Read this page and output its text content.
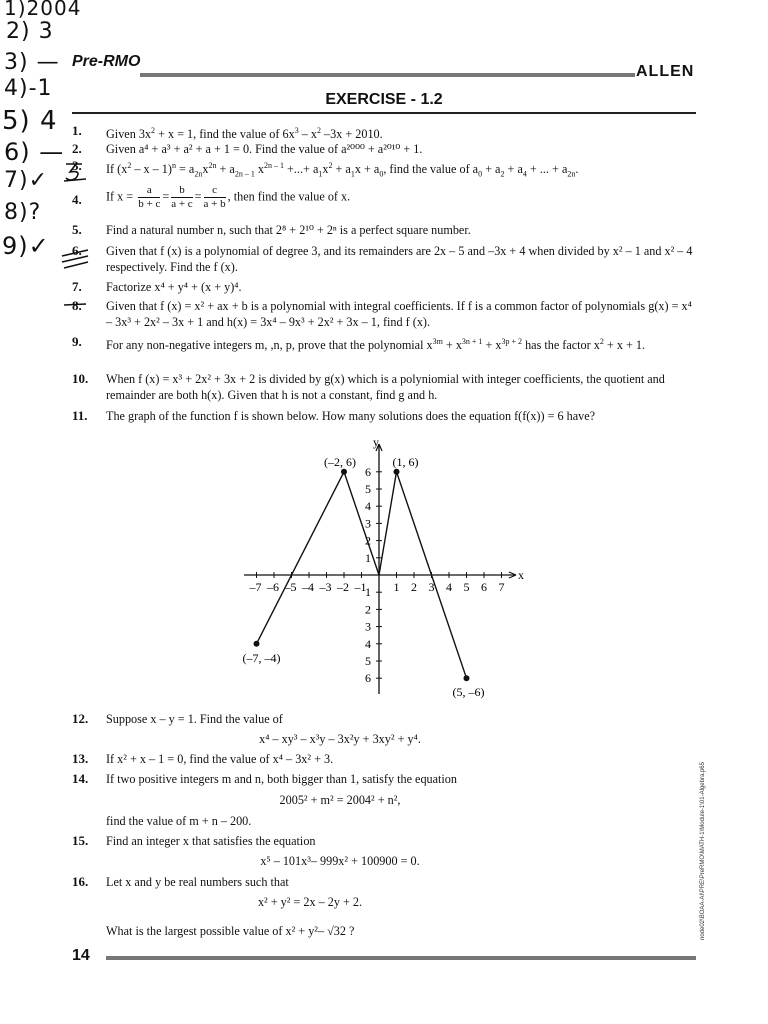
1)2004
2) 3
3) —
4)-1
5) 4
6) —
7)✓
8)?
9)✓
Pre-RMO
ALLEN
EXERCISE - 1.2
1.
2.
3.
4.
5.
6.
7.
8.
9.
10.
11.
12.
13.
14.
15.
16.
Given $3x^2 + x = 1$, find the value of $6x^3 - x^2$ –3x + 2010.
Given a⁴ + a³ + a² + a + 1 = 0. Find the value of a²⁰⁰⁰ + a²⁰¹⁰ + 1.
If $(x^2 - x - 1)^n = a_{2n}x^{2n} + a_{2n - 1}$ $x^{2n - 1}$ +...+ $a_1x^2 + a_1x + a_0$, find the value of $a_0 + a_2 + a_4$ + ... + $a_{2n}$.
If $x = \frac{a}{b + c} = \frac{b}{a + c} = \frac{c}{a + b}$ , then find the value of x.
Find a natural number n, such that 2⁸ + 2¹⁰ + 2ⁿ is a perfect square number.
Given that f (x) is a polynomial of degree 3, and its remainders are 2x – 5 and –3x + 4 when divided by x² – 1 and x² – 4 respectively. Find the f (x).
Factorize x⁴ + y⁴ + (x + y)⁴.
Given that f (x) = x² + ax + b is a polynomial with integral coefficients. If f is a common factor of polynomials g(x) = x⁴ – 3x³ + 2x² – 3x + 1 and h(x) = 3x⁴ – 9x³ + 2x² + 3x – 1, find f (x).
For any non-negative integers m, ,n, p, prove that the polynomial $x^{3m} + x^{3n + 1} + x^{3p + 2}$ has the factor $x^2 + x + 1$.
When f (x) = x³ + 2x² + 3x + 2 is divided by g(x) which is a polyniomial with integer coefficients, the quotient and remainder are both h(x). Given that h is not a constant, find g and h.
The graph of the function f is shown below. How many solutions does the equation f(f(x)) = 6 have?
x
y
–7 –6 –5 –4 –3 –2 –1 1 2 3 4 5 6 7
6
5
4
3
2
1
1
2
3
4
5
6
(–7, –4)
(–2, 6)	(1, 6)
(5, –6)
Suppose x – y = 1. Find the value of
x⁴ – xy³ – x³y – 3x²y + 3xy² + y⁴.
If x² + x – 1 = 0, find the value of x⁴ – 3x² + 3.
If two positive integers m and n, both bigger than 1, satisfy the equation
2005² + m² = 2004² + n²,
find the value of m + n – 200.
Find an integer x that satisfies the equation
x⁵ – 101x³– 999x² + 100900 = 0.
Let x and y be real numbers such that
x² + y² = 2x – 2y + 2.
What is the largest possible value of x² + y²– √32 ?	node02\BOAA-AI\PRE\PreRMO\MATH-1\Module-1\01-Algebra.p65
14
